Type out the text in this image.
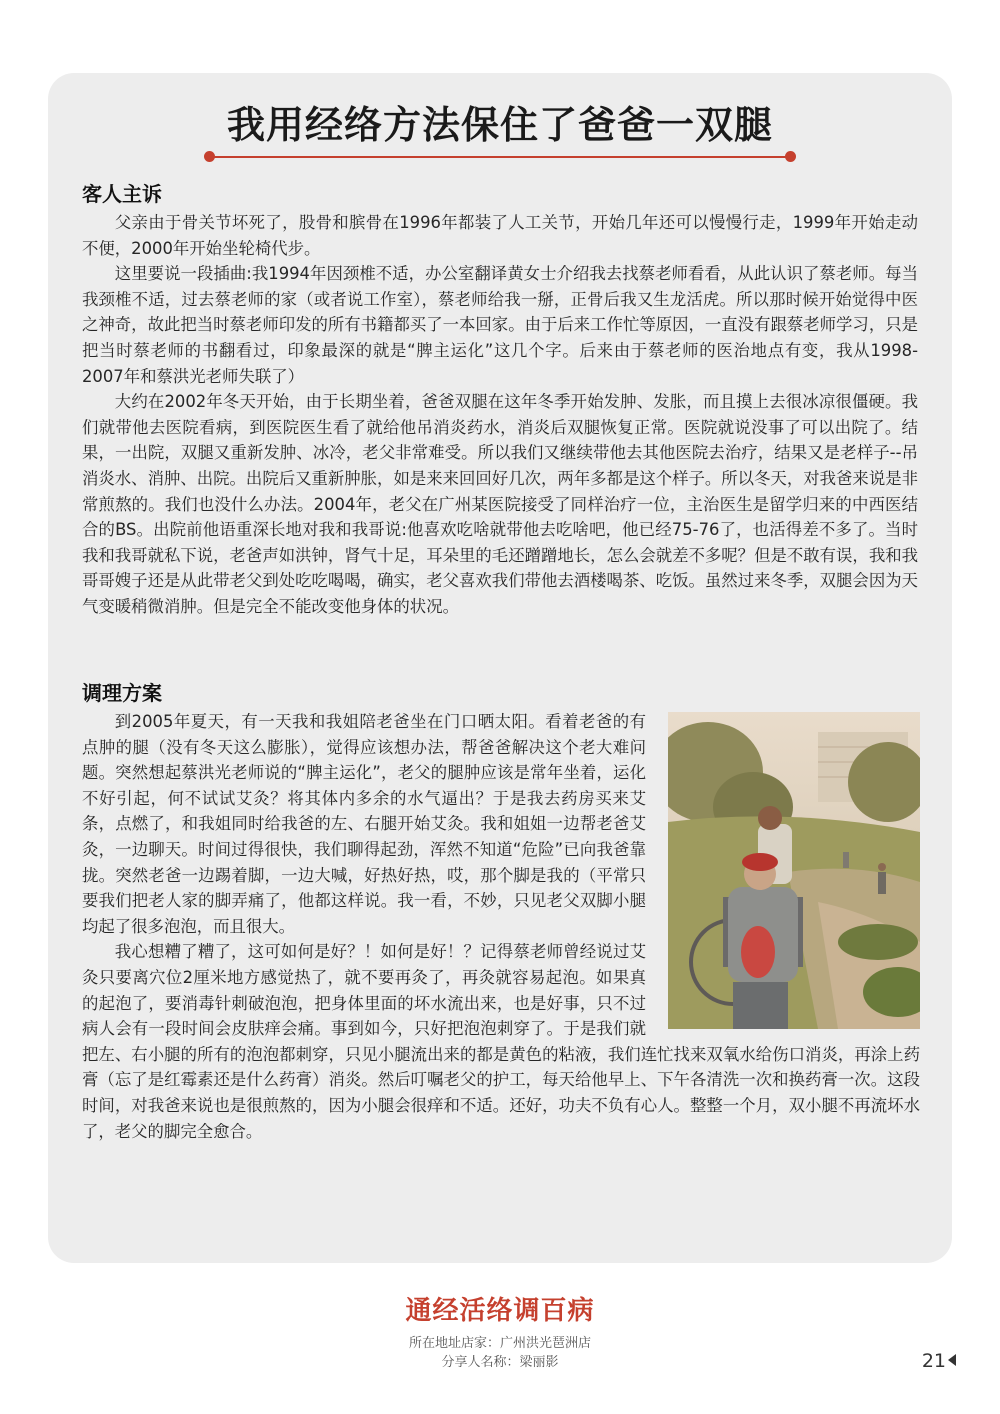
我用经络方法保住了爸爸一双腿
客人主诉

父亲由于骨关节坏死了，股骨和膑骨在1996年都装了人工关节，开始几年还可以慢慢行走，1999年开始走动不便，2000年开始坐轮椅代步。

这里要说一段插曲:我1994年因颈椎不适，办公室翻译黄女士介绍我去找蔡老师看看，从此认识了蔡老师。每当我颈椎不适，过去蔡老师的家（或者说工作室），蔡老师给我一掰，正骨后我又生龙活虎。所以那时候开始觉得中医之神奇，故此把当时蔡老师印发的所有书籍都买了一本回家。由于后来工作忙等原因，一直没有跟蔡老师学习，只是把当时蔡老师的书翻看过，印象最深的就是“脾主运化”这几个字。后来由于蔡老师的医治地点有变，我从1998-2007年和蔡洪光老师失联了）

大约在2002年冬天开始，由于长期坐着，爸爸双腿在这年冬季开始发肿、发胀，而且摸上去很冰凉很僵硬。我们就带他去医院看病，到医院医生看了就给他吊消炎药水，消炎后双腿恢复正常。医院就说没事了可以出院了。结果，一出院，双腿又重新发肿、冰冷，老父非常难受。所以我们又继续带他去其他医院去治疗，结果又是老样子--吊消炎水、消肿、出院。出院后又重新肿胀，如是来来回回好几次，两年多都是这个样子。所以冬天，对我爸来说是非常煎熬的。我们也没什么办法。2004年，老父在广州某医院接受了同样治疗一位，主治医生是留学归来的中西医结合的BS。出院前他语重深长地对我和我哥说:他喜欢吃啥就带他去吃啥吧，他已经75-76了，也活得差不多了。当时我和我哥就私下说，老爸声如洪钟，肾气十足，耳朵里的毛还蹭蹭地长，怎么会就差不多呢？但是不敢有误，我和我哥哥嫂子还是从此带老父到处吃吃喝喝，确实，老父喜欢我们带他去酒楼喝茶、吃饭。虽然过来冬季，双腿会因为天气变暖稍微消肿。但是完全不能改变他身体的状况。

调理方案

到2005年夏天，有一天我和我姐陪老爸坐在门口晒太阳。看着老爸的有点肿的腿（没有冬天这么膨胀），觉得应该想办法，帮爸爸解决这个老大难问题。突然想起蔡洪光老师说的“脾主运化”，老父的腿肿应该是常年坐着，运化不好引起，何不试试艾灸？将其体内多余的水气逼出？于是我去药房买来艾条，点燃了，和我姐同时给我爸的左、右腿开始艾灸。我和姐姐一边帮老爸艾灸，一边聊天。时间过得很快，我们聊得起劲，浑然不知道“危险”已向我爸靠拢。突然老爸一边踢着脚，一边大喊，好热好热，哎，那个脚是我的（平常只要我们把老人家的脚弄痛了，他都这样说。我一看，不妙，只见老父双脚小腿均起了很多泡泡，而且很大。

我心想糟了糟了，这可如何是好？！如何是好！？记得蔡老师曾经说过艾灸只要离穴位2厘米地方感觉热了，就不要再灸了，再灸就容易起泡。如果真的起泡了，要消毒针刺破泡泡，把身体里面的坏水流出来，也是好事，只不过病人会有一段时间会皮肤痒会痛。事到如今，只好把泡泡刺穿了。于是我们就把左、右小腿的所有的泡泡都刺穿，只见小腿流出来的都是黄色的粘液，我们连忙找来双氧水给伤口消炎，再涂上药膏（忘了是红霉素还是什么药膏）消炎。然后叮嘱老父的护工，每天给他早上、下午各清洗一次和换药膏一次。这段时间，对我爸来说也是很煎熬的，因为小腿会很痒和不适。还好，功夫不负有心人。整整一个月，双小腿不再流坏水了，老父的脚完全愈合。

通经活络调百病
所在地址店家：广州洪光琶洲店
分享人名称：梁丽影	21
